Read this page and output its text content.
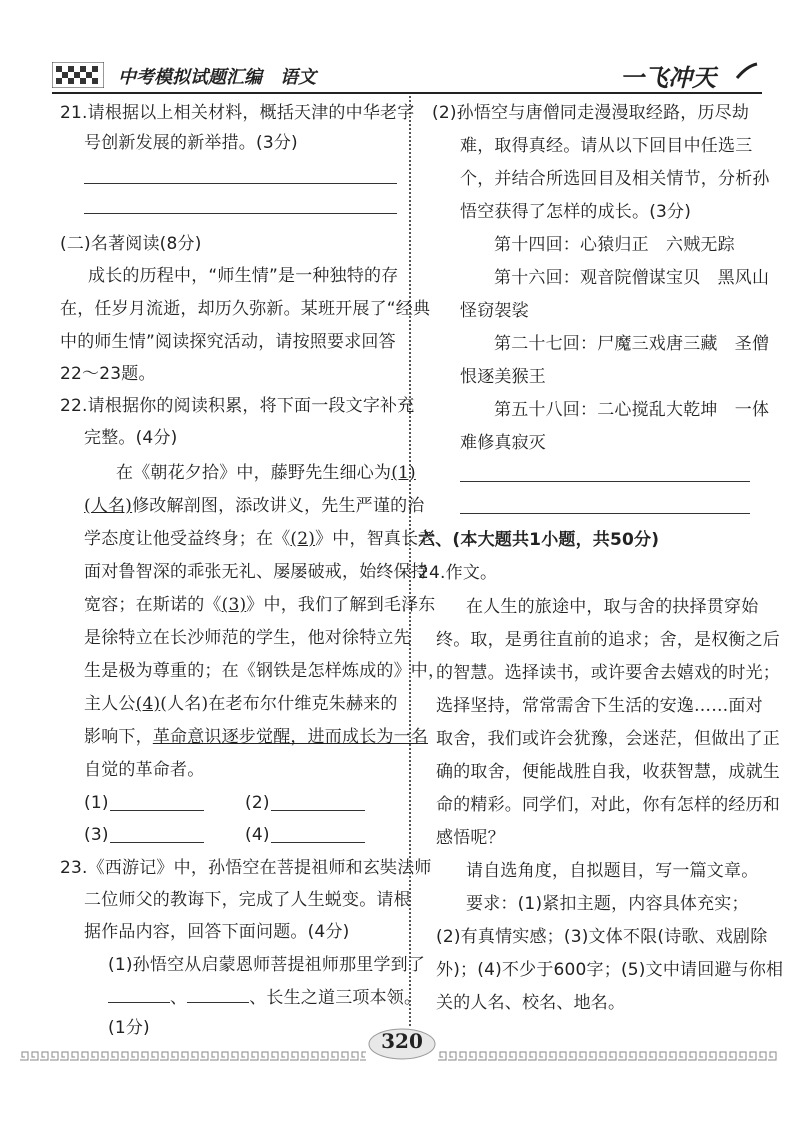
中考模拟试题汇编　语文	一飞冲天
21.请根据以上相关材料，概括天津的中华老字
号创新发展的新举措。(3分)
(二)名著阅读(8分)
成长的历程中，“师生情”是一种独特的存
在，任岁月流逝，却历久弥新。某班开展了“经典
中的师生情”阅读探究活动，请按照要求回答
22～23题。
22.请根据你的阅读积累，将下面一段文字补充
完整。(4分)
在《朝花夕拾》中，藤野先生细心为(1)
(人名)修改解剖图，添改讲义，先生严谨的治
学态度让他受益终身；在《(2)》中，智真长老
面对鲁智深的乖张无礼、屡屡破戒，始终保持
宽容；在斯诺的《(3)》中，我们了解到毛泽东
是徐特立在长沙师范的学生，他对徐特立先
生是极为尊重的；在《钢铁是怎样炼成的》中，
主人公(4)(人名)在老布尔什维克朱赫来的
影响下，革命意识逐步觉醒，进而成长为一名
自觉的革命者。
(1)	(2)
(3)	(4)
23.《西游记》中，孙悟空在菩提祖师和玄奘法师
二位师父的教诲下，完成了人生蜕变。请根
据作品内容，回答下面问题。(4分)
(1)孙悟空从启蒙恩师菩提祖师那里学到了
、	、长生之道三项本领。
(1分)
(2)孙悟空与唐僧同走漫漫取经路，历尽劫
难，取得真经。请从以下回目中任选三
个，并结合所选回目及相关情节，分析孙
悟空获得了怎样的成长。(3分)
第十四回：心猿归正　六贼无踪
第十六回：观音院僧谋宝贝　黑风山
怪窃袈裟
第二十七回：尸魔三戏唐三藏　圣僧
恨逐美猴王
第五十八回：二心搅乱大乾坤　一体
难修真寂灭
六、(本大题共1小题，共50分)
24.作文。
在人生的旅途中，取与舍的抉择贯穿始
终。取，是勇往直前的追求；舍，是权衡之后
的智慧。选择读书，或许要舍去嬉戏的时光；
选择坚持，常常需舍下生活的安逸……面对
取舍，我们或许会犹豫，会迷茫，但做出了正
确的取舍，便能战胜自我，收获智慧，成就生
命的精彩。同学们，对此，你有怎样的经历和
感悟呢？
请自选角度，自拟题目，写一篇文章。
要求：(1)紧扣主题，内容具体充实；
(2)有真情实感；(3)文体不限(诗歌、戏剧除
外)；(4)不少于600字；(5)文中请回避与你相
关的人名、校名、地名。
320
